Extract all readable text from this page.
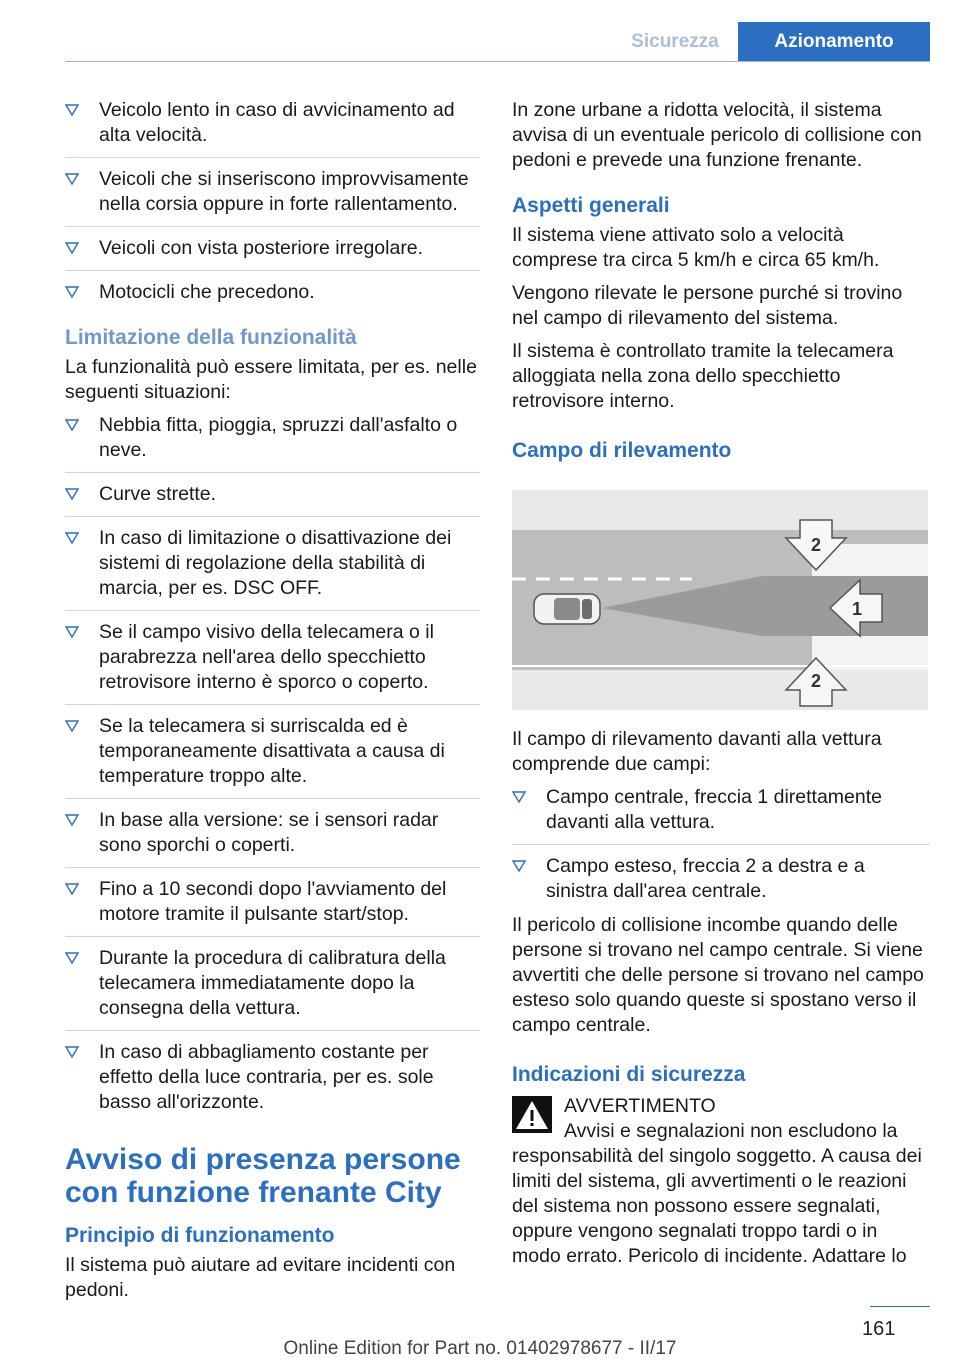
Sicurezza	Azionamento
Veicolo lento in caso di avvicinamento ad alta velocità.
Veicoli che si inseriscono improvvisamente nella corsia oppure in forte rallentamento.
Veicoli con vista posteriore irregolare.
Motocicli che precedono.
Limitazione della funzionalità

La funzionalità può essere limitata, per es. nelle seguenti situazioni:

Nebbia fitta, pioggia, spruzzi dall'asfalto o neve.
Curve strette.
In caso di limitazione o disattivazione dei sistemi di regolazione della stabilità di marcia, per es. DSC OFF.
Se il campo visivo della telecamera o il parabrezza nell'area dello specchietto retrovisore interno è sporco o coperto.
Se la telecamera si surriscalda ed è temporaneamente disattivata a causa di temperature troppo alte.
In base alla versione: se i sensori radar sono sporchi o coperti.
Fino a 10 secondi dopo l'avviamento del motore tramite il pulsante start/stop.
Durante la procedura di calibratura della telecamera immediatamente dopo la consegna della vettura.
In caso di abbagliamento costante per effetto della luce contraria, per es. sole basso all'orizzonte.
Avviso di presenza persone con funzione frenante City
Principio di funzionamento

Il sistema può aiutare ad evitare incidenti con pedoni.

In zone urbane a ridotta velocità, il sistema avvisa di un eventuale pericolo di collisione con pedoni e prevede una funzione frenante.

Aspetti generali

Il sistema viene attivato solo a velocità comprese tra circa 5 km/h e circa 65 km/h.

Vengono rilevate le persone purché si trovino nel campo di rilevamento del sistema.

Il sistema è controllato tramite la telecamera alloggiata nella zona dello specchietto retrovisore interno.

Campo di rilevamento
2
1
2

Il campo di rilevamento davanti alla vettura comprende due campi:

Campo centrale, freccia 1 direttamente davanti alla vettura.
Campo esteso, freccia 2 a destra e a sinistra dall'area centrale.

Il pericolo di collisione incombe quando delle persone si trovano nel campo centrale. Si viene avvertiti che delle persone si trovano nel campo esteso solo quando queste si spostano verso il campo centrale.

Indicazioni di sicurezza
AVVERTIMENTO
Avvisi e segnalazioni non escludono la

responsabilità del singolo soggetto. A causa dei limiti del sistema, gli avvertimenti o le reazioni del sistema non possono essere segnalati, oppure vengono segnalati troppo tardi o in modo errato. Pericolo di incidente. Adattare lo

161
Online Edition for Part no. 01402978677 - II/17
